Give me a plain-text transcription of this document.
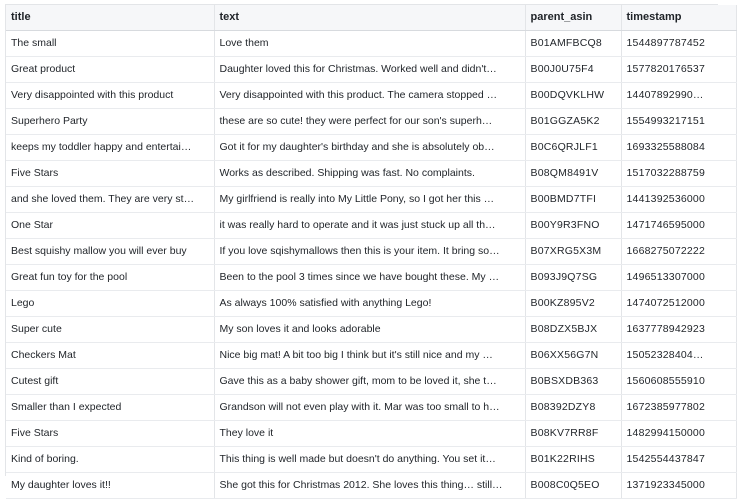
title	text	parent_asin	timestamp
The small	Love them	B01AMFBCQ8	1544897787452
Great product	Daughter loved this for Christmas. Worked well and didn't…	B00J0U75F4	1577820176537
Very disappointed with this product	Very disappointed with this product. The camera stopped …	B00DQVKLHW	14407892990…
Superhero Party	these are so cute! they were perfect for our son's superh…	B01GGZA5K2	1554993217151
keeps my toddler happy and entertai…	Got it for my daughter's birthday and she is absolutely ob…	B0C6QRJLF1	1693325588084
Five Stars	Works as described. Shipping was fast. No complaints.	B08QM8491V	1517032288759
and she loved them. They are very st…	My girlfriend is really into My Little Pony, so I got her this …	B00BMD7TFI	1441392536000
One Star	it was really hard to operate and it was just stuck up all th…	B00Y9R3FNO	1471746595000
Best squishy mallow you will ever buy	If you love sqishymallows then this is your item. It bring so…	B07XRG5X3M	1668275072222
Great fun toy for the pool	Been to the pool 3 times since we have bought these. My …	B093J9Q7SG	1496513307000
Lego	As always 100% satisfied with anything Lego!	B00KZ895V2	1474072512000
Super cute	My son loves it and looks adorable	B08DZX5BJX	1637778942923
Checkers Mat	Nice big mat! A bit too big I think but it's still nice and my …	B06XX56G7N	15052328404…
Cutest gift	Gave this as a baby shower gift, mom to be loved it, she t…	B0BSXDB363	1560608555910
Smaller than I expected	Grandson will not even play with it. Mar was too small to h…	B08392DZY8	1672385977802
Five Stars	They love it	B08KV7RR8F	1482994150000
Kind of boring.	This thing is well made but doesn't do anything. You set it…	B01K22RIHS	1542554437847
My daughter loves it!!	She got this for Christmas 2012. She loves this thing… still…	B008C0Q5EO	1371923345000
